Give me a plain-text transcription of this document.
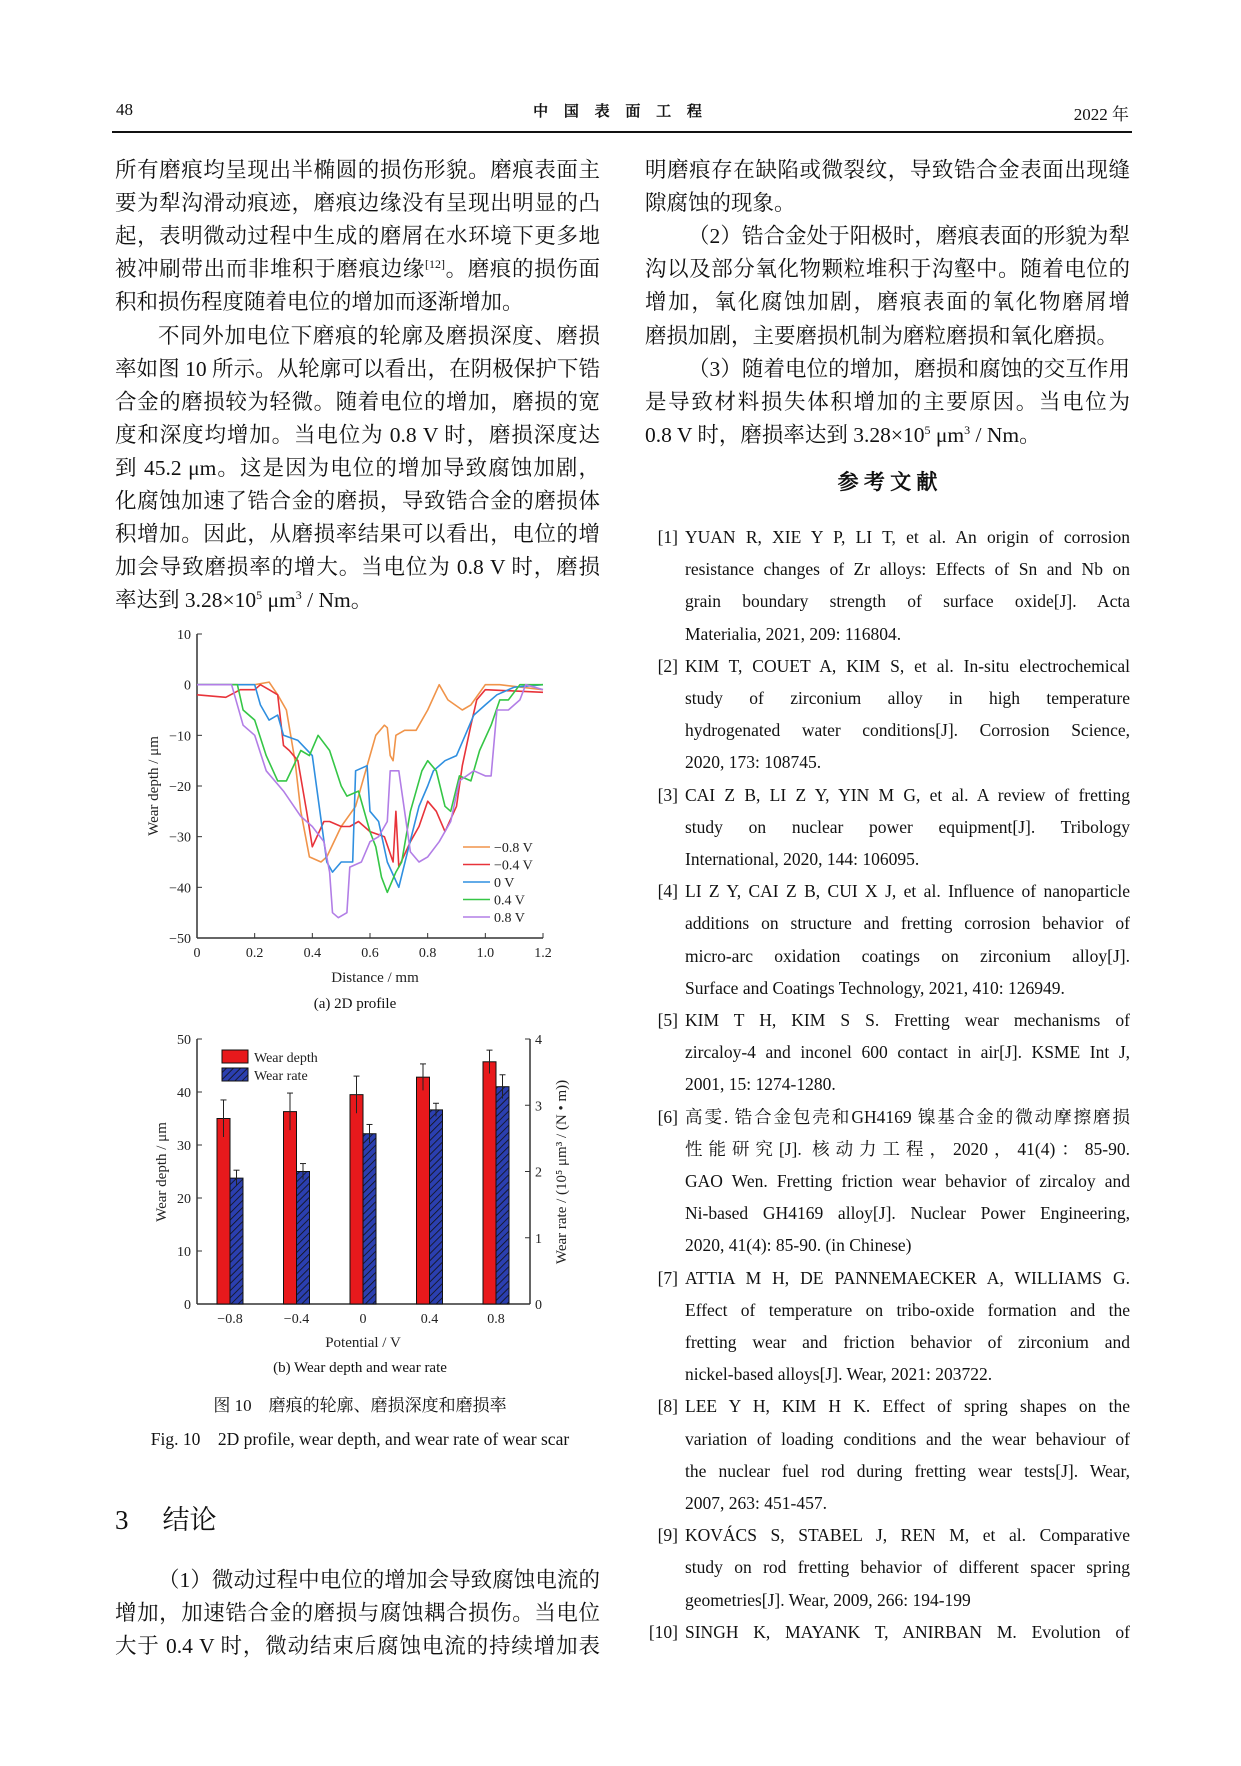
48	中 国 表 面 工 程	2022 年
所有磨痕均呈现出半椭圆的损伤形貌。磨痕表面主
要为犁沟滑动痕迹，磨痕边缘没有呈现出明显的凸
起，表明微动过程中生成的磨屑在水环境下更多地
被冲刷带出而非堆积于磨痕边缘[12]。磨痕的损伤面
积和损伤程度随着电位的增加而逐渐增加。
不同外加电位下磨痕的轮廓及磨损深度、磨损
率如图 10 所示。从轮廓可以看出，在阴极保护下锆
合金的磨损较为轻微。随着电位的增加，磨损的宽
度和深度均增加。当电位为 0.8 V 时，磨损深度达
到 45.2 μm。这是因为电位的增加导致腐蚀加剧，
化腐蚀加速了锆合金的磨损，导致锆合金的磨损体
积增加。因此，从磨损率结果可以看出，电位的增
加会导致磨损率的增大。当电位为 0.8 V 时，磨损
率达到 $3.28\times 10^5$ $\mu m^3$ / Nm。
（1）微动过程中电位的增加会导致腐蚀电流的
增加，加速锆合金的磨损与腐蚀耦合损伤。当电位
大于 0.4 V 时，微动结束后腐蚀电流的持续增加表
明磨痕存在缺陷或微裂纹，导致锆合金表面出现缝
隙腐蚀的现象。
（2）锆合金处于阳极时，磨痕表面的形貌为犁
沟以及部分氧化物颗粒堆积于沟壑中。随着电位的
增加，氧化腐蚀加剧，磨痕表面的氧化物磨屑增
磨损加剧，主要磨损机制为磨粒磨损和氧化磨损。
（3）随着电位的增加，磨损和腐蚀的交互作用
是导致材料损失体积增加的主要原因。当电位为
0.8 V 时，磨损率达到 $3.28\times 10^5$ $\mu m^3$ / Nm。
[1] YUAN R, XIE Y P, LI T, et al. An origin of corrosion
resistance changes of Zr alloys: Effects of Sn and Nb on
grain boundary strength of surface oxide[J]. Acta
Materialia, 2021, 209: 116804.
[2] KIM T, COUET A, KIM S, et al. In-situ electrochemical
study of zirconium alloy in high temperature
hydrogenated water conditions[J]. Corrosion Science,
2020, 173: 108745.
[3] CAI Z B, LI Z Y, YIN M G, et al. A review of fretting
study on nuclear power equipment[J]. Tribology
International, 2020, 144: 106095.
[4] LI Z Y, CAI Z B, CUI X J, et al. Influence of nanoparticle
additions on structure and fretting corrosion behavior of
micro-arc oxidation coatings on zirconium alloy[J].
Surface and Coatings Technology, 2021, 410: 126949.
[5] KIM T H, KIM S S. Fretting wear mechanisms of
zircaloy-4 and inconel 600 contact in air[J]. KSME Int J,
2001, 15: 1274-1280.
[6] 高雯. 锆合金包壳和GH4169 镍基合金的微动摩擦磨损
性能研究[J]. 核动力工程，2020，41(4)：85-90.
GAO Wen. Fretting friction wear behavior of zircaloy and
Ni-based GH4169 alloy[J]. Nuclear Power Engineering,
2020, 41(4): 85-90. (in Chinese)
[7] ATTIA M H, DE PANNEMAECKER A, WILLIAMS G.
Effect of temperature on tribo-oxide formation and the
fretting wear and friction behavior of zirconium and
nickel-based alloys[J]. Wear, 2021: 203722.
[8] LEE Y H, KIM H K. Effect of spring shapes on the
variation of loading conditions and the wear behaviour of
the nuclear fuel rod during fretting wear tests[J]. Wear,
2007, 263: 451-457.
[9] KOVÁCS S, STABEL J, REN M, et al. Comparative
study on rod fretting behavior of different spacer spring
geometries[J]. Wear, 2009, 266: 194-199
[10] SINGH K, MAYANK T, ANIRBAN M. Evolution of
0	0.2	0.4	0.6	0.8	1.0	1.2
10
0
−10
−20
−30
−40
−50
Distance / mm
Wear depth / μm
−0.8 V
−0.4 V
0 V
0.4 V
0.8 V
0
10
20
30
40
50
0
1
2
3
4
−0.8	−0.4	0	0.4	0.8
Wear depth
Wear rate
Potential / V
Wear depth / μm	Wear rate / (10⁵ μm³ / (N • m))
(a) 2D profile
(b) Wear depth and wear rate
图 10　磨痕的轮廓、磨损深度和磨损率
Fig. 10　2D profile, wear depth, and wear rate of wear scar
3 结论
参 考 文 献
